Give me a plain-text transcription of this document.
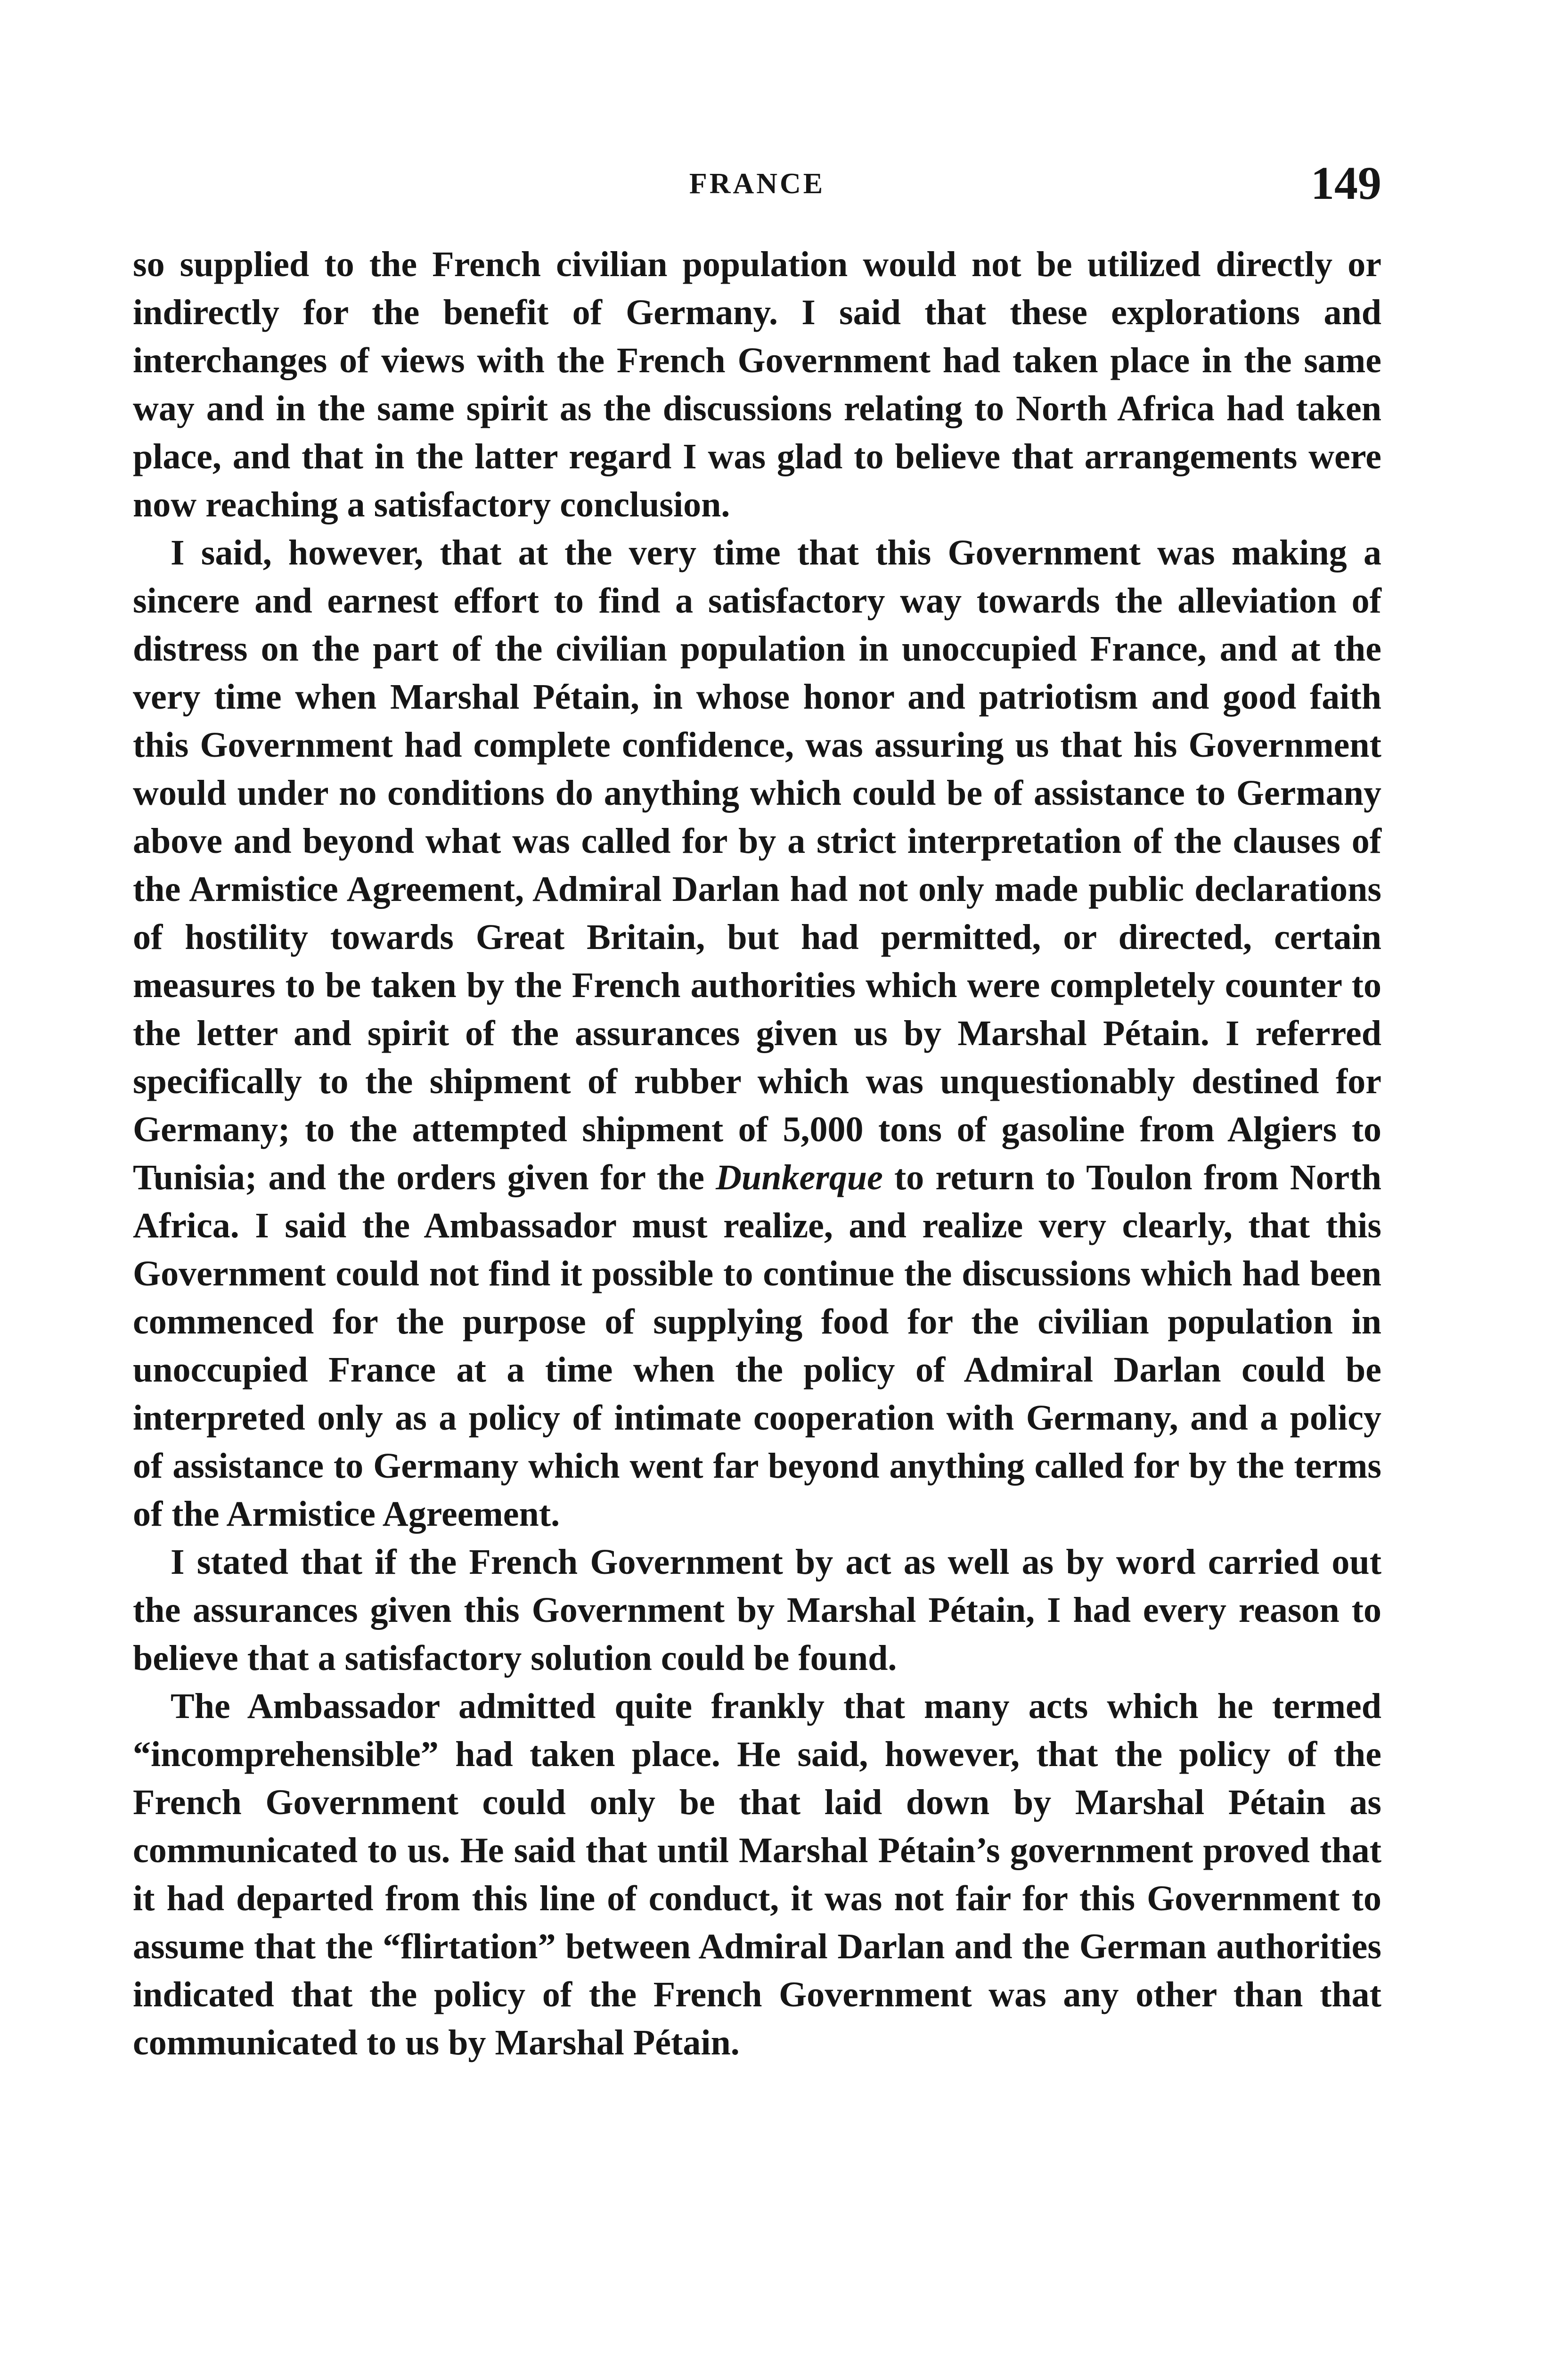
FRANCE	149

so supplied to the French civilian population would not be utilized directly or indirectly for the benefit of Germany. I said that these explorations and interchanges of views with the French Government had taken place in the same way and in the same spirit as the discussions relating to North Africa had taken place, and that in the latter regard I was glad to believe that arrangements were now reaching a satisfactory conclusion.

I said, however, that at the very time that this Government was making a sincere and earnest effort to find a satisfactory way towards the alleviation of distress on the part of the civilian population in unoccupied France, and at the very time when Marshal Pétain, in whose honor and patriotism and good faith this Government had complete confidence, was assuring us that his Government would under no conditions do anything which could be of assistance to Germany above and beyond what was called for by a strict interpretation of the clauses of the Armistice Agreement, Admiral Darlan had not only made public declarations of hostility towards Great Britain, but had permitted, or directed, certain measures to be taken by the French authorities which were completely counter to the letter and spirit of the assurances given us by Marshal Pétain. I referred specifically to the shipment of rubber which was unquestionably destined for Germany; to the attempted shipment of 5,000 tons of gasoline from Algiers to Tunisia; and the orders given for the Dunkerque to return to Toulon from North Africa. I said the Ambassador must realize, and realize very clearly, that this Government could not find it possible to continue the discussions which had been commenced for the purpose of supplying food for the civilian population in unoccupied France at a time when the policy of Admiral Darlan could be interpreted only as a policy of intimate cooperation with Germany, and a policy of assistance to Germany which went far beyond anything called for by the terms of the Armistice Agreement.

I stated that if the French Government by act as well as by word carried out the assurances given this Government by Marshal Pétain, I had every reason to believe that a satisfactory solution could be found.

The Ambassador admitted quite frankly that many acts which he termed “incomprehensible” had taken place. He said, however, that the policy of the French Government could only be that laid down by Marshal Pétain as communicated to us. He said that until Marshal Pétain’s government proved that it had departed from this line of conduct, it was not fair for this Government to assume that the “flirtation” between Admiral Darlan and the German authorities indicated that the policy of the French Government was any other than that communicated to us by Marshal Pétain.
